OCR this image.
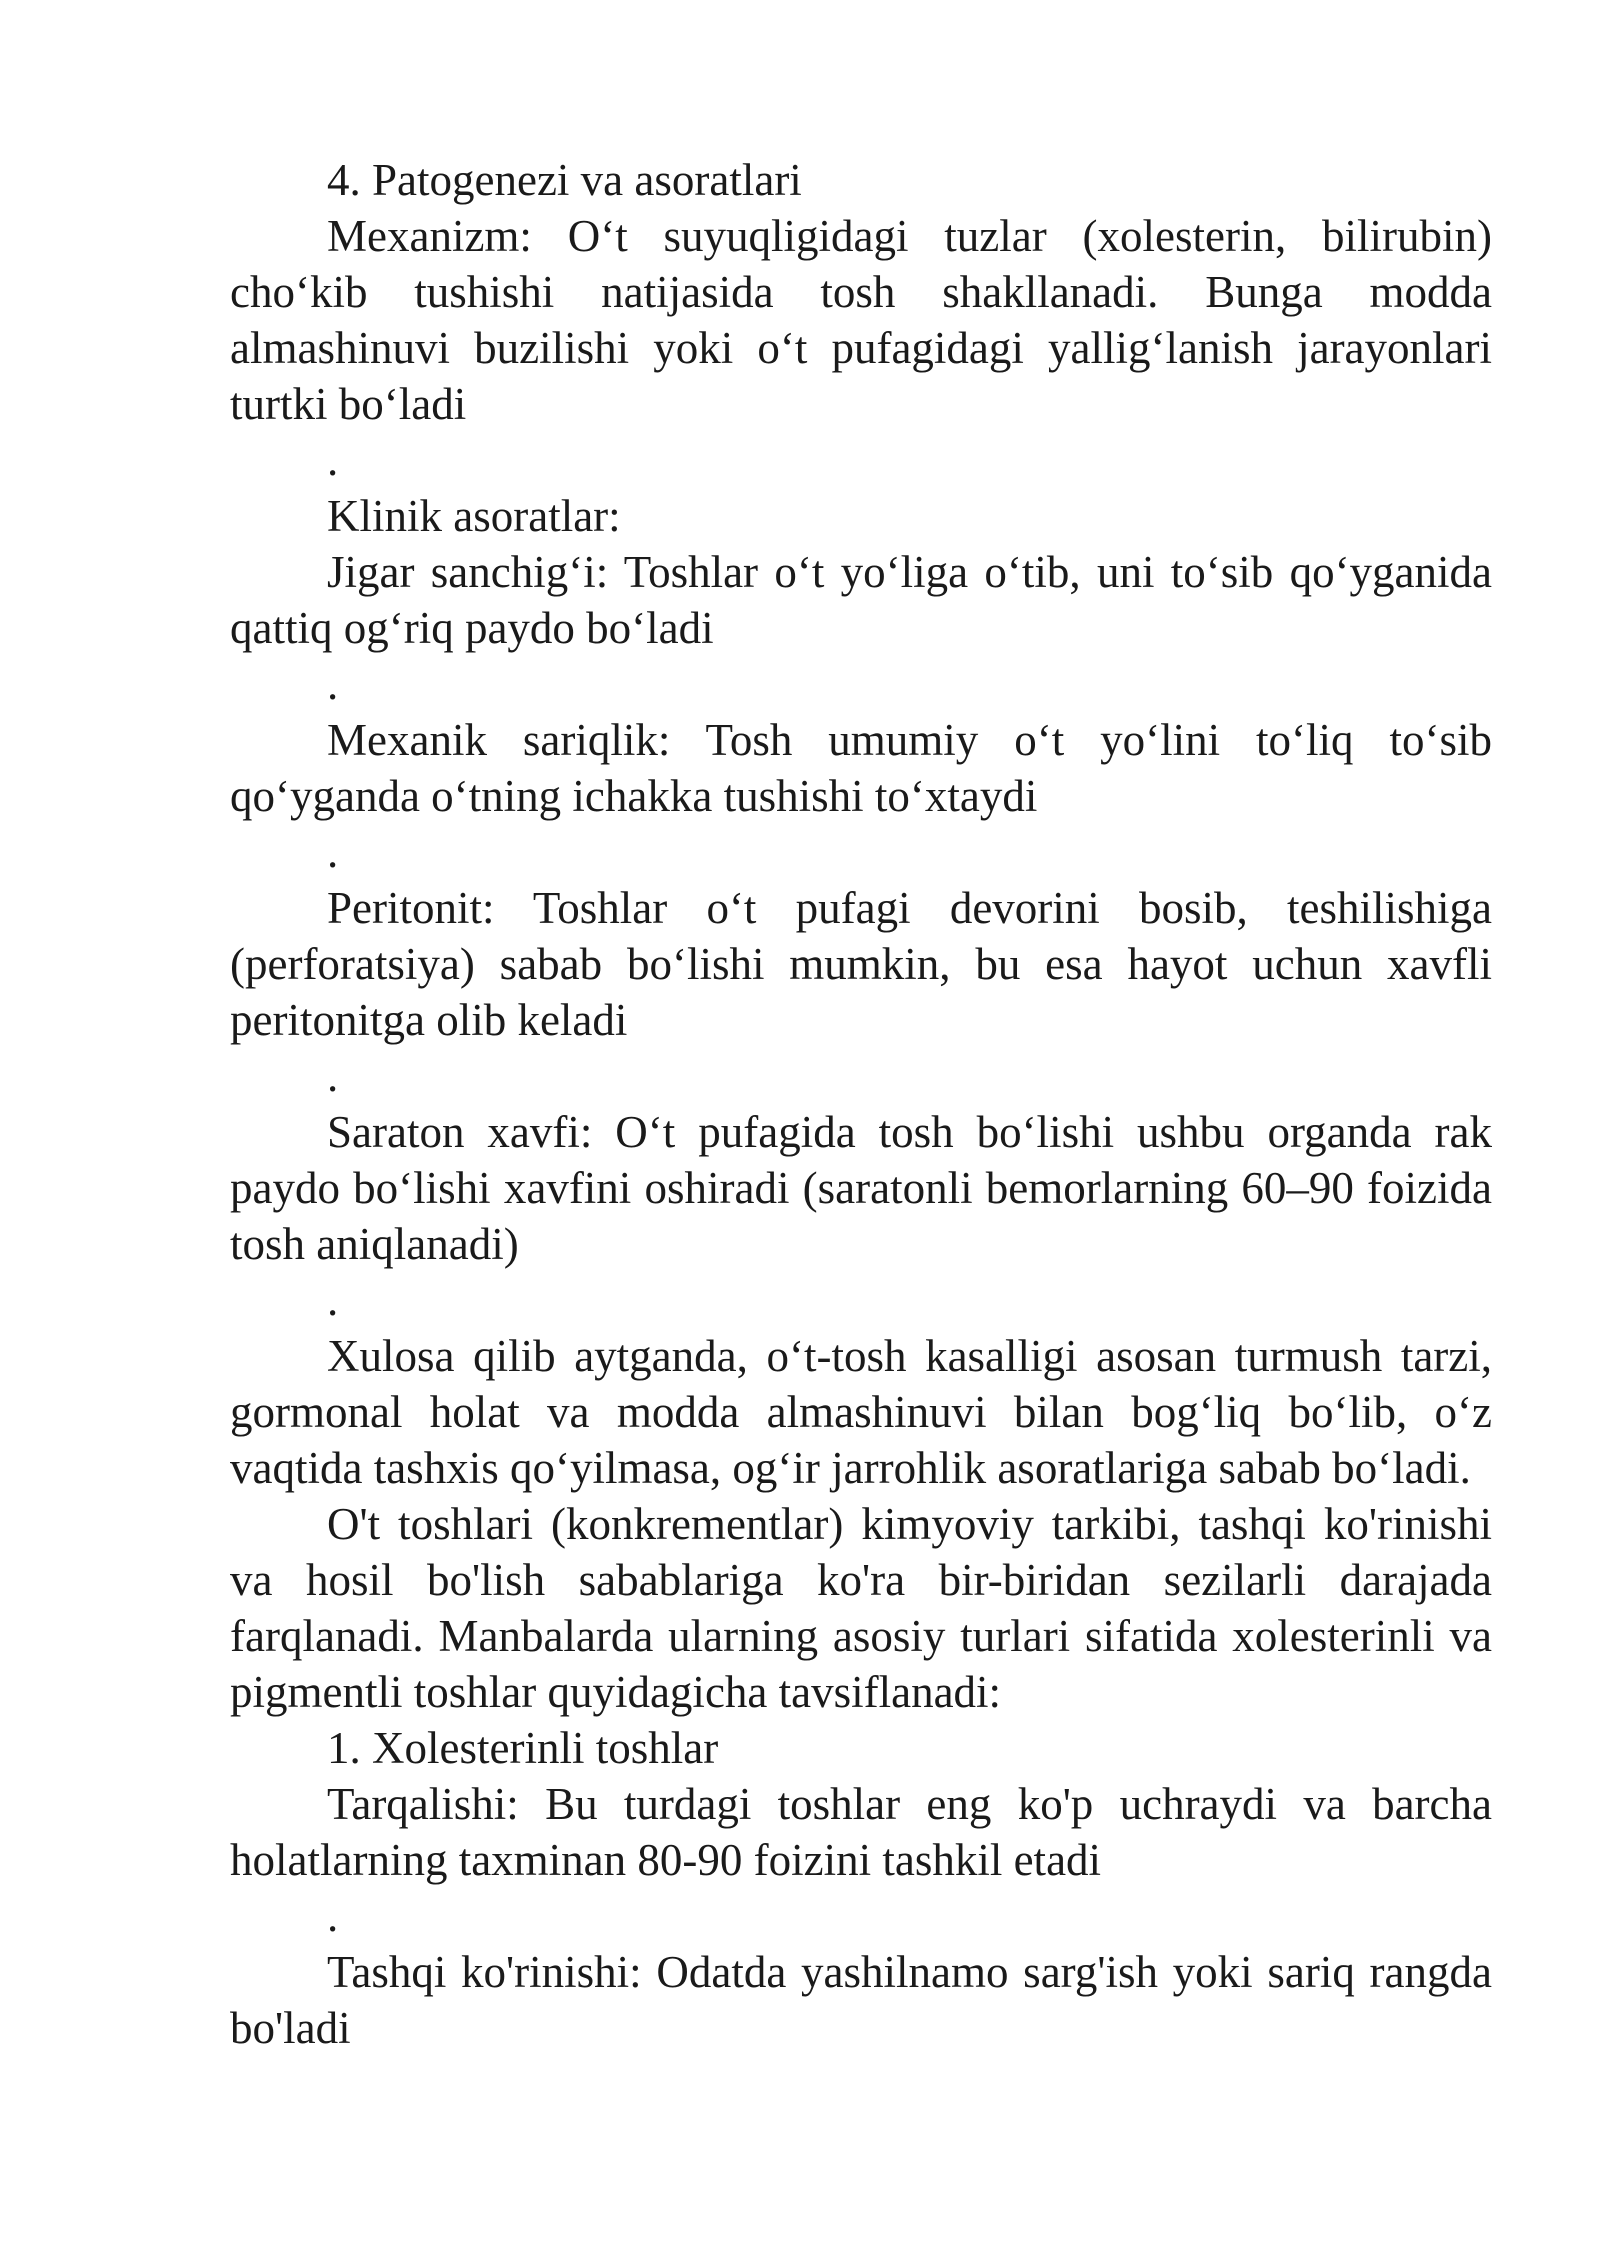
4. Patogenezi va asoratlari

Mexanizm: O‘t suyuqligidagi tuzlar (xolesterin, bilirubin) cho‘kib tushishi natijasida tosh shakllanadi. Bunga modda almashinuvi buzilishi yoki o‘t pufagidagi yallig‘lanish jarayonlari turtki bo‘ladi

.

Klinik asoratlar:

Jigar sanchig‘i: Toshlar o‘t yo‘liga o‘tib, uni to‘sib qo‘yganida qattiq og‘riq paydo bo‘ladi

.

Mexanik sariqlik: Tosh umumiy o‘t yo‘lini to‘liq to‘sib qo‘yganda o‘tning ichakka tushishi to‘xtaydi

.

Peritonit: Toshlar o‘t pufagi devorini bosib, teshilishiga (perforatsiya) sabab bo‘lishi mumkin, bu esa hayot uchun xavfli peritonitga olib keladi

.

Saraton xavfi: O‘t pufagida tosh bo‘lishi ushbu organda rak paydo bo‘lishi xavfini oshiradi (saratonli bemorlarning 60–90 foizida tosh aniqlanadi)

.

Xulosa qilib aytganda, o‘t-tosh kasalligi asosan turmush tarzi, gormonal holat va modda almashinuvi bilan bog‘liq bo‘lib, o‘z vaqtida tashxis qo‘yilmasa, og‘ir jarrohlik asoratlariga sabab bo‘ladi.

O't toshlari (konkrementlar) kimyoviy tarkibi, tashqi ko'rinishi va hosil bo'lish sabablariga ko'ra bir-biridan sezilarli darajada farqlanadi. Manbalarda ularning asosiy turlari sifatida xolesterinli va pigmentli toshlar quyidagicha tavsiflanadi:

1. Xolesterinli toshlar

Tarqalishi: Bu turdagi toshlar eng ko'p uchraydi va barcha holatlarning taxminan 80-90 foizini tashkil etadi

.

Tashqi ko'rinishi: Odatda yashilnamo sarg'ish yoki sariq rangda bo'ladi
